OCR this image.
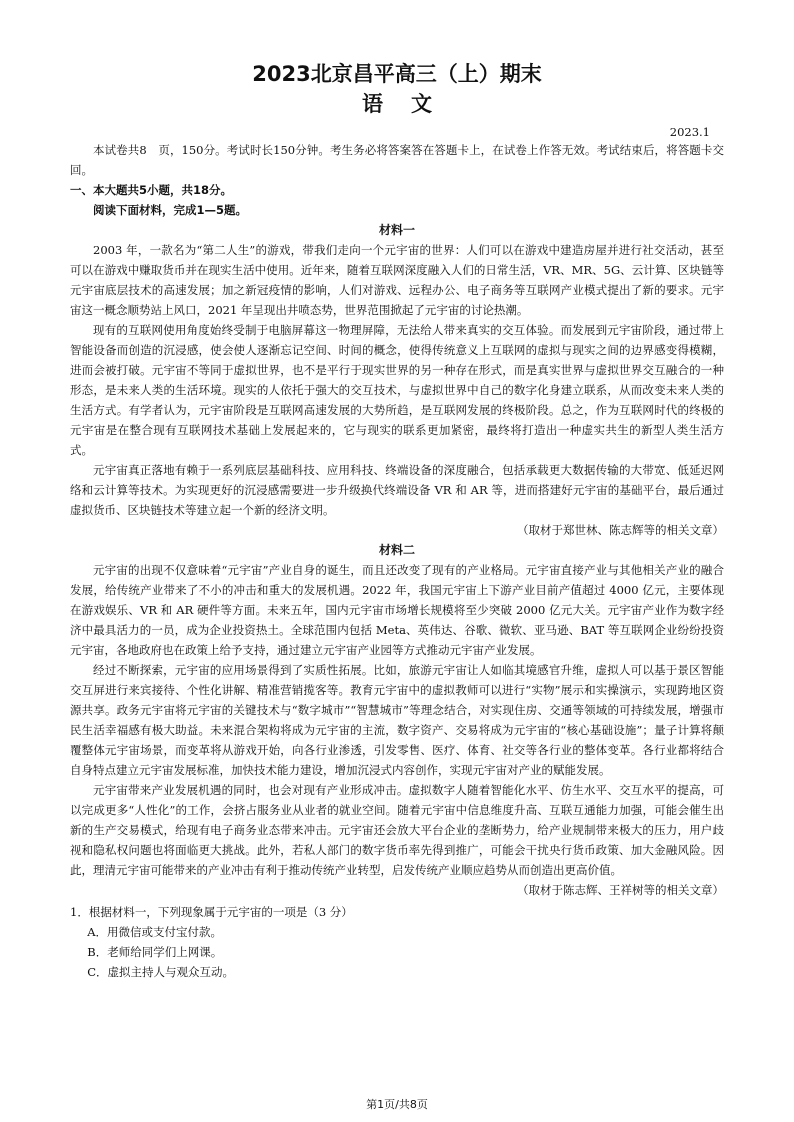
2023北京昌平高三（上）期末
语文
2023.1

本试卷共8　页，150分。考试时长150分钟。考生务必将答案答在答题卡上，在试卷上作答无效。考试结束后，将答题卡交回。

一、本大题共5小题，共18分。
阅读下面材料，完成1—5题。
材料一

2003 年，一款名为“第二人生”的游戏，带我们走向一个元宇宙的世界：人们可以在游戏中建造房屋并进行社交活动，甚至可以在游戏中赚取货币并在现实生活中使用。近年来，随着互联网深度融入人们的日常生活，VR、MR、5G、云计算、区块链等元宇宙底层技术的高速发展；加之新冠疫情的影响，人们对游戏、远程办公、电子商务等互联网产业模式提出了新的要求。元宇宙这一概念顺势站上风口，2021 年呈现出井喷态势，世界范围掀起了元宇宙的讨论热潮。

现有的互联网使用角度始终受制于电脑屏幕这一物理屏障，无法给人带来真实的交互体验。而发展到元宇宙阶段，通过带上智能设备而创造的沉浸感，使会使人逐渐忘记空间、时间的概念，使得传统意义上互联网的虚拟与现实之间的边界感变得模糊，进而会被打破。元宇宙不等同于虚拟世界，也不是平行于现实世界的另一种存在形式，而是真实世界与虚拟世界交互融合的一种形态，是未来人类的生活环境。现实的人依托于强大的交互技术，与虚拟世界中自己的数字化身建立联系，从而改变未来人类的生活方式。有学者认为，元宇宙阶段是互联网高速发展的大势所趋，是互联网发展的终极阶段。总之，作为互联网时代的终极的元宇宙是在整合现有互联网技术基础上发展起来的，它与现实的联系更加紧密，最终将打造出一种虚实共生的新型人类生活方式。

元宇宙真正落地有赖于一系列底层基础科技、应用科技、终端设备的深度融合，包括承载更大数据传输的大带宽、低延迟网络和云计算等技术。为实现更好的沉浸感需要进一步升级换代终端设备 VR 和 AR 等，进而搭建好元宇宙的基础平台，最后通过虚拟货币、区块链技术等建立起一个新的经济文明。

（取材于郑世林、陈志辉等的相关文章）
材料二

元宇宙的出现不仅意味着“元宇宙”产业自身的诞生，而且还改变了现有的产业格局。元宇宙直接产业与其他相关产业的融合发展，给传统产业带来了不小的冲击和重大的发展机遇。2022 年，我国元宇宙上下游产业目前产值超过 4000 亿元，主要体现在游戏娱乐、VR 和 AR 硬件等方面。未来五年，国内元宇宙市场增长规模将至少突破 2000 亿元大关。元宇宙产业作为数字经济中最具活力的一员，成为企业投资热土。全球范围内包括 Meta、英伟达、谷歌、微软、亚马逊、BAT 等互联网企业纷纷投资元宇宙，各地政府也在政策上给予支持，通过建立元宇宙产业园等方式推动元宇宙产业发展。

经过不断探索，元宇宙的应用场景得到了实质性拓展。比如，旅游元宇宙让人如临其境感官升维，虚拟人可以基于景区智能交互屏进行来宾接待、个性化讲解、精准营销揽客等。教育元宇宙中的虚拟教师可以进行“实物”展示和实操演示，实现跨地区资源共享。政务元宇宙将元宇宙的关键技术与“数字城市”“智慧城市”等理念结合，对实现住房、交通等领域的可持续发展，增强市民生活幸福感有极大助益。未来混合架构将成为元宇宙的主流，数字资产、交易将成为元宇宙的“核心基础设施”；量子计算将颠覆整体元宇宙场景，而变革将从游戏开始，向各行业渗透，引发零售、医疗、体育、社交等各行业的整体变革。各行业都将结合自身特点建立元宇宙发展标准，加快技术能力建设，增加沉浸式内容创作，实现元宇宙对产业的赋能发展。

元宇宙带来产业发展机遇的同时，也会对现有产业形成冲击。虚拟数字人随着智能化水平、仿生水平、交互水平的提高，可以完成更多“人性化”的工作，会挤占服务业从业者的就业空间。随着元宇宙中信息维度升高、互联互通能力加强，可能会催生出新的生产交易模式，给现有电子商务业态带来冲击。元宇宙还会放大平台企业的垄断势力，给产业规制带来极大的压力，用户歧视和隐私权问题也将面临更大挑战。此外，若私人部门的数字货币率先得到推广，可能会干扰央行货币政策、加大金融风险。因此，理清元宇宙可能带来的产业冲击有利于推动传统产业转型，启发传统产业顺应趋势从而创造出更高价值。

（取材于陈志辉、王祥树等的相关文章）
1．根据材料一，下列现象属于元宇宙的一项是（3 分）
A．用微信或支付宝付款。
B．老师给同学们上网课。
C．虚拟主持人与观众互动。
第1页/共8页
